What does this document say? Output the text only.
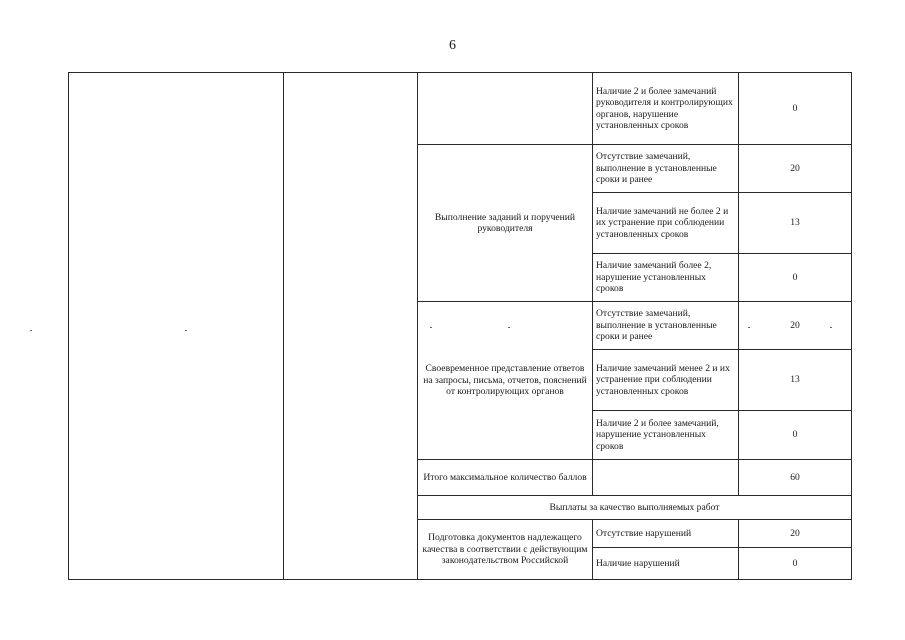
6
			Наличие 2 и более замечаний руководителя и контролирующих органов, нарушение установленных сроков	0
		Выполнение заданий и поручений руководителя	Отсутствие замечаний, выполнение в установленные сроки и ранее	20
			Наличие замечаний не более 2 и их устранение при соблюдении установленных сроков	13
			Наличие замечаний более 2, нарушение установленных сроков	0
		Своевременное представление ответов на запросы, письма, отчетов, пояснений от контролирующих органов	Отсутствие замечаний, выполнение в установленные сроки и ранее	20
			Наличие замечаний менее 2 и их устранение при соблюдении установленных сроков	13
			Наличие 2 и более замечаний, нарушение установленных сроков	0
		Итого максимальное количество баллов		60
		Выплаты за качество выполняемых работ		
		Подготовка документов надлежащего качества в соответствии с действующим законодательством Российской	Отсутствие нарушений	20
			Наличие нарушений	0
